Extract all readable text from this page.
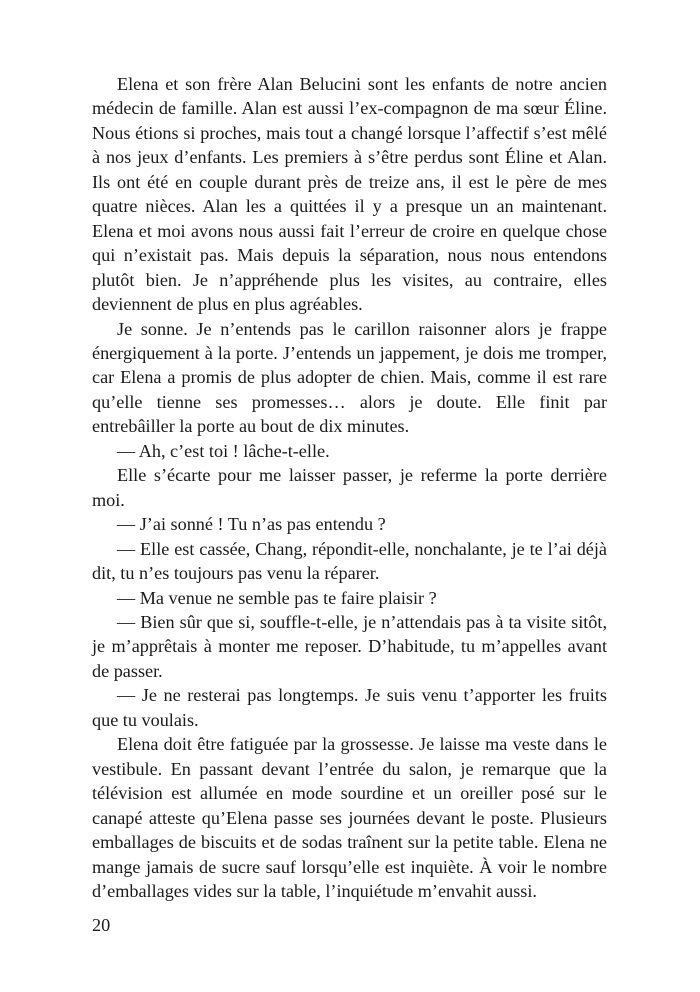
Elena et son frère Alan Belucini sont les enfants de notre ancien médecin de famille. Alan est aussi l’ex-compagnon de ma sœur Éline. Nous étions si proches, mais tout a changé lorsque l’affectif s’est mêlé à nos jeux d’enfants. Les premiers à s’être perdus sont Éline et Alan. Ils ont été en couple durant près de treize ans, il est le père de mes quatre nièces. Alan les a quittées il y a presque un an maintenant. Elena et moi avons nous aussi fait l’erreur de croire en quelque chose qui n’existait pas. Mais depuis la séparation, nous nous entendons plutôt bien. Je n’appréhende plus les visites, au contraire, elles deviennent de plus en plus agréables.

Je sonne. Je n’entends pas le carillon raisonner alors je frappe énergiquement à la porte. J’entends un jappement, je dois me tromper, car Elena a promis de plus adopter de chien. Mais, comme il est rare qu’elle tienne ses promesses… alors je doute. Elle finit par entrebâiller la porte au bout de dix minutes.

— Ah, c’est toi ! lâche-t-elle.

Elle s’écarte pour me laisser passer, je referme la porte derrière moi.

— J’ai sonné ! Tu n’as pas entendu ?

— Elle est cassée, Chang, répondit-elle, nonchalante, je te l’ai déjà dit, tu n’es toujours pas venu la réparer.

— Ma venue ne semble pas te faire plaisir ?

— Bien sûr que si, souffle-t-elle, je n’attendais pas à ta visite sitôt, je m’apprêtais à monter me reposer. D’habitude, tu m’appelles avant de passer.

— Je ne resterai pas longtemps. Je suis venu t’apporter les fruits que tu voulais.

Elena doit être fatiguée par la grossesse. Je laisse ma veste dans le vestibule. En passant devant l’entrée du salon, je remarque que la télévision est allumée en mode sourdine et un oreiller posé sur le canapé atteste qu’Elena passe ses journées devant le poste. Plusieurs emballages de biscuits et de sodas traînent sur la petite table. Elena ne mange jamais de sucre sauf lorsqu’elle est inquiète. À voir le nombre d’emballages vides sur la table, l’inquiétude m’envahit aussi.

20
